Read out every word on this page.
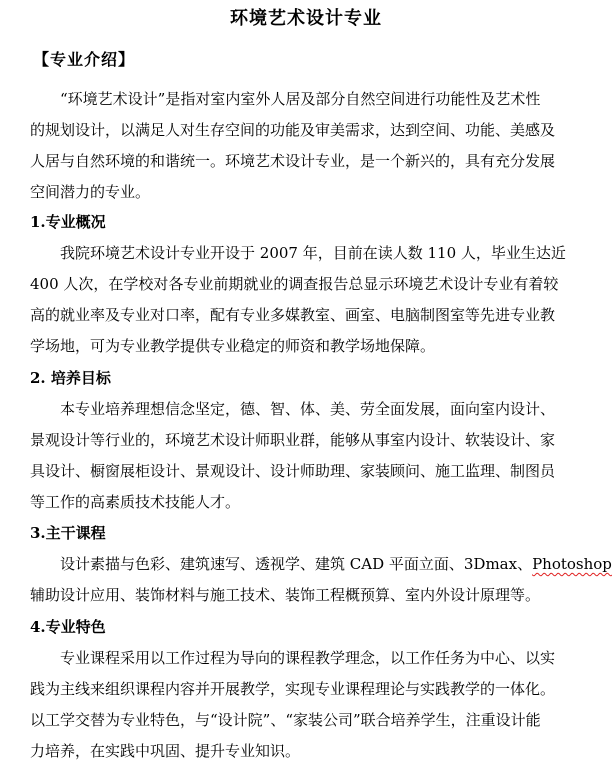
环境艺术设计专业
【专业介绍】
“环境艺术设计”是指对室内室外人居及部分自然空间进行功能性及艺术性
的规划设计，以满足人对生存空间的功能及审美需求，达到空间、功能、美感及
人居与自然环境的和谐统一。环境艺术设计专业，是一个新兴的，具有充分发展
空间潜力的专业。
1.专业概况
我院环境艺术设计专业开设于 2007 年，目前在读人数 110 人，毕业生达近
400 人次，在学校对各专业前期就业的调查报告总显示环境艺术设计专业有着较
高的就业率及专业对口率，配有专业多媒教室、画室、电脑制图室等先进专业教
学场地，可为专业教学提供专业稳定的师资和教学场地保障。
2. 培养目标
本专业培养理想信念坚定，德、智、体、美、劳全面发展，面向室内设计、
景观设计等行业的，环境艺术设计师职业群，能够从事室内设计、软装设计、家
具设计、橱窗展柜设计、景观设计、设计师助理、家装顾问、施工监理、制图员
等工作的高素质技术技能人才。
3.主干课程
设计素描与色彩、建筑速写、透视学、建筑 CAD 平面立面、3Dmax、Photoshop
辅助设计应用、装饰材料与施工技术、装饰工程概预算、室内外设计原理等。
4.专业特色
专业课程采用以工作过程为导向的课程教学理念，以工作任务为中心、以实
践为主线来组织课程内容并开展教学，实现专业课程理论与实践教学的一体化。
以工学交替为专业特色，与“设计院”、“家装公司”联合培养学生，注重设计能
力培养，在实践中巩固、提升专业知识。
